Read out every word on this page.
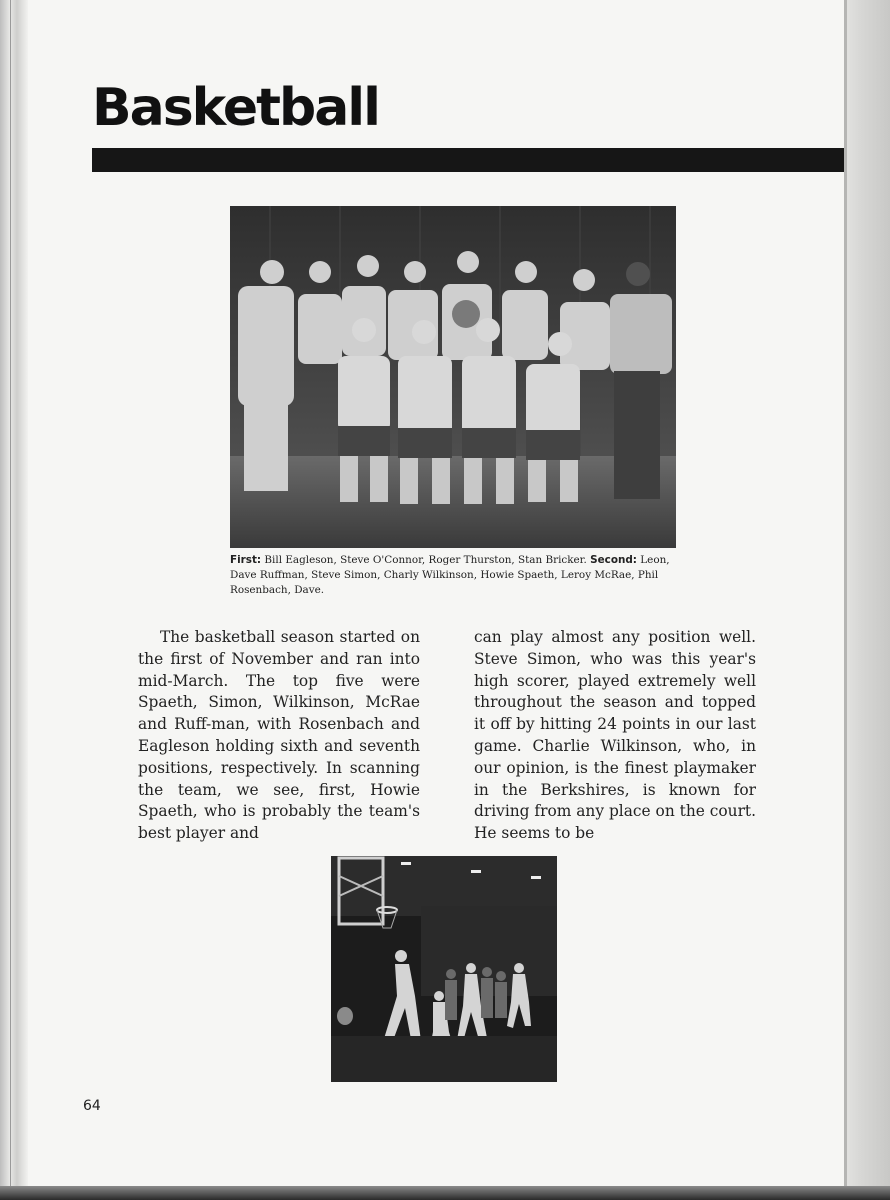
Basketball
First: Bill Eagleson, Steve O'Connor, Roger Thurston, Stan Bricker. Second: Leon, Dave Ruffman, Steve Simon, Charly Wilkinson, Howie Spaeth, Leroy McRae, Phil Rosenbach, Dave.
The basketball season started on the first of November and ran into mid-March. The top five were Spaeth, Simon, Wilkinson, McRae and Ruff-man, with Rosenbach and Eagleson holding sixth and seventh positions, respectively. In scanning the team, we see, first, Howie Spaeth, who is probably the team's best player and
can play almost any position well. Steve Simon, who was this year's high scorer, played extremely well throughout the season and topped it off by hitting 24 points in our last game. Charlie Wilkinson, who, in our opinion, is the finest playmaker in the Berkshires, is known for driving from any place on the court. He seems to be
64
